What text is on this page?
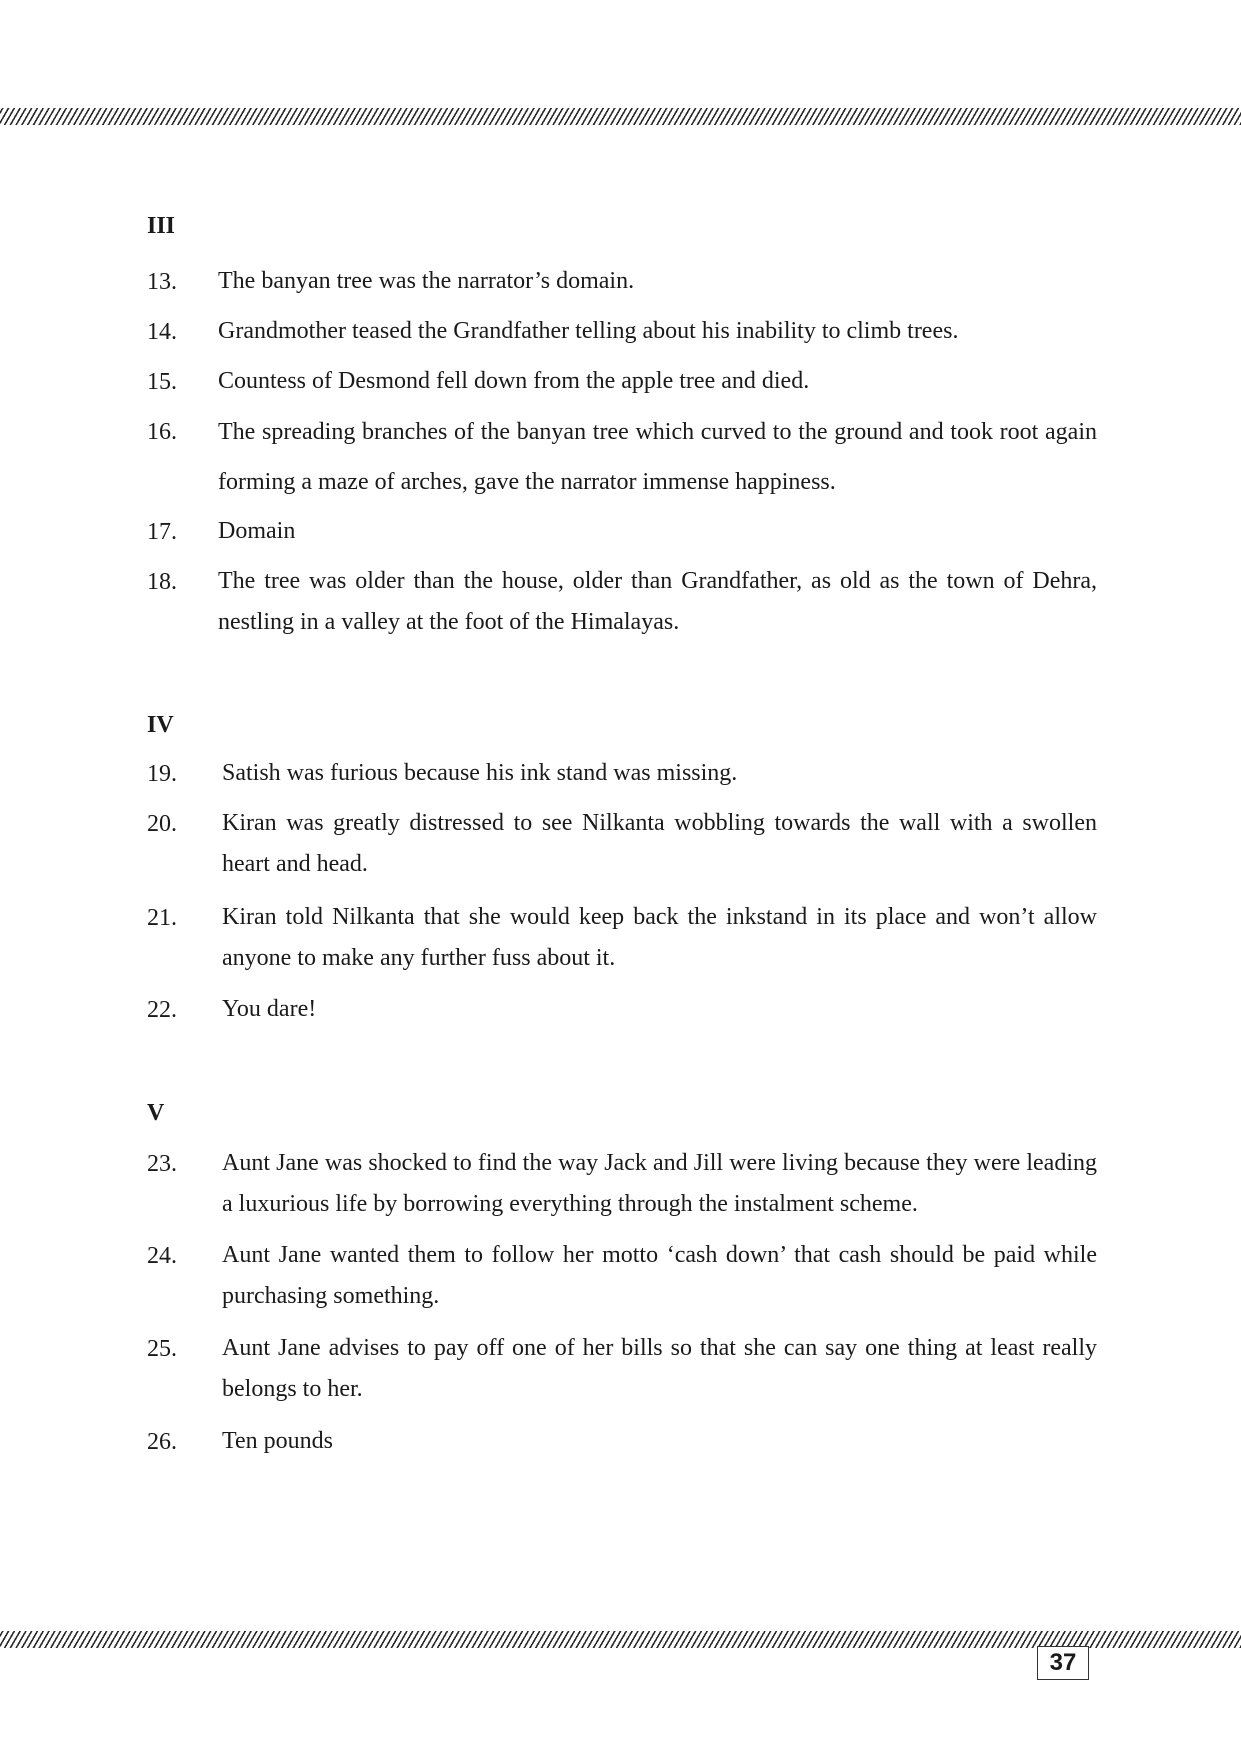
III
13. The banyan tree was the narrator’s domain.
14. Grandmother teased the Grandfather telling about his inability to climb trees.
15. Countess of Desmond fell down from the apple tree and died.
16. The spreading branches of the banyan tree which curved to the ground and took root again forming a maze of arches, gave the narrator immense happiness.
17. Domain
18. The tree was older than the house, older than Grandfather, as old as the town of Dehra, nestling in a valley at the foot of the Himalayas.
IV
19. Satish was furious because his ink stand was missing.
20. Kiran was greatly distressed to see Nilkanta wobbling towards the wall with a swollen heart and head.
21. Kiran told Nilkanta that she would keep back the inkstand in its place and won’t allow anyone to make any further fuss about it.
22. You dare!
V
23. Aunt Jane was shocked to find the way Jack and Jill were living because they were leading a luxurious life by borrowing everything through the instalment scheme.
24. Aunt Jane wanted them to follow her motto ‘cash down’ that cash should be paid while purchasing something.
25. Aunt Jane advises to pay off one of her bills so that she can say one thing at least really belongs to her.
26. Ten pounds
37
